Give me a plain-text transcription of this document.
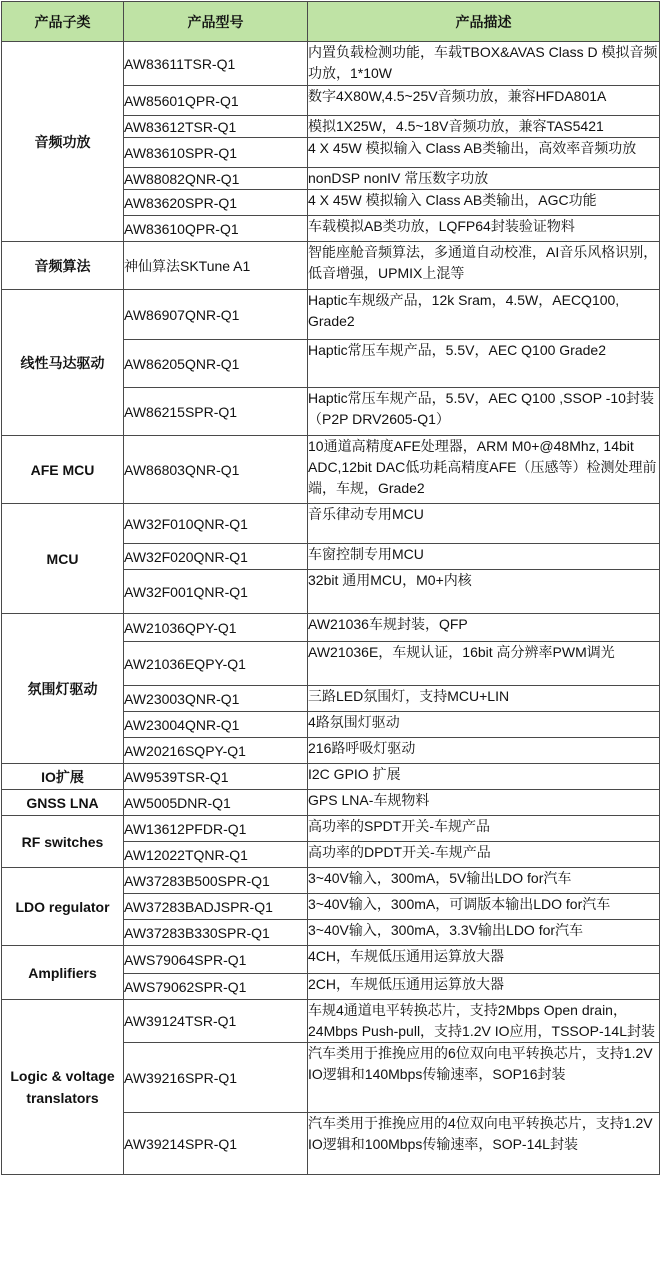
产品子类	产品型号	产品描述
音频功放	AW83611TSR-Q1	内置负载检测功能，车载TBOX&AVAS Class D 模拟音频功放，1*10W
	AW85601QPR-Q1	数字4X80W,4.5~25V音频功放，兼容HFDA801A
	AW83612TSR-Q1	模拟1X25W，4.5~18V音频功放，兼容TAS5421
	AW83610SPR-Q1	4 X 45W 模拟输入 Class AB类输出，高效率音频功放
	AW88082QNR-Q1	nonDSP nonIV 常压数字功放
	AW83620SPR-Q1	4 X 45W 模拟输入 Class AB类输出，AGC功能
	AW83610QPR-Q1	车载模拟AB类功放，LQFP64封装验证物料
音频算法	神仙算法SKTune A1	智能座舱音频算法，多通道自动校准，AI音乐风格识别，低音增强，UPMIX上混等
线性马达驱动	AW86907QNR-Q1	Haptic车规级产品，12k Sram，4.5W，AECQ100, Grade2
	AW86205QNR-Q1	Haptic常压车规产品，5.5V，AEC Q100 Grade2
	AW86215SPR-Q1	Haptic常压车规产品，5.5V，AEC Q100 ,SSOP -10封装（P2P DRV2605-Q1）
AFE MCU	AW86803QNR-Q1	10通道高精度AFE处理器，ARM M0+@48Mhz, 14bit ADC,12bit DAC低功耗高精度AFE（压感等）检测处理前端，车规，Grade2
MCU	AW32F010QNR-Q1	音乐律动专用MCU
	AW32F020QNR-Q1	车窗控制专用MCU
	AW32F001QNR-Q1	32bit 通用MCU，M0+内核
氛围灯驱动	AW21036QPY-Q1	AW21036车规封装，QFP
	AW21036EQPY-Q1	AW21036E，车规认证，16bit 高分辨率PWM调光
	AW23003QNR-Q1	三路LED氛围灯，支持MCU+LIN
	AW23004QNR-Q1	4路氛围灯驱动
	AW20216SQPY-Q1	216路呼吸灯驱动
IO扩展	AW9539TSR-Q1	I2C GPIO 扩展
GNSS LNA	AW5005DNR-Q1	GPS LNA-车规物料
RF switches	AW13612PFDR-Q1	高功率的SPDT开关-车规产品
	AW12022TQNR-Q1	高功率的DPDT开关-车规产品
LDO regulator	AW37283B500SPR-Q1	3~40V输入，300mA，5V输出LDO for汽车
	AW37283BADJSPR-Q1	3~40V输入，300mA，可调版本输出LDO for汽车
	AW37283B330SPR-Q1	3~40V输入，300mA，3.3V输出LDO for汽车
Amplifiers	AWS79064SPR-Q1	4CH，车规低压通用运算放大器
	AWS79062SPR-Q1	2CH，车规低压通用运算放大器
Logic & voltage translators	AW39124TSR-Q1	车规4通道电平转换芯片，支持2Mbps Open drain，24Mbps Push-pull，支持1.2V IO应用，TSSOP-14L封装
	AW39216SPR-Q1	汽车类用于推挽应用的6位双向电平转换芯片，支持1.2V IO逻辑和140Mbps传输速率，SOP16封装
	AW39214SPR-Q1	汽车类用于推挽应用的4位双向电平转换芯片，支持1.2V IO逻辑和100Mbps传输速率，SOP-14L封装
